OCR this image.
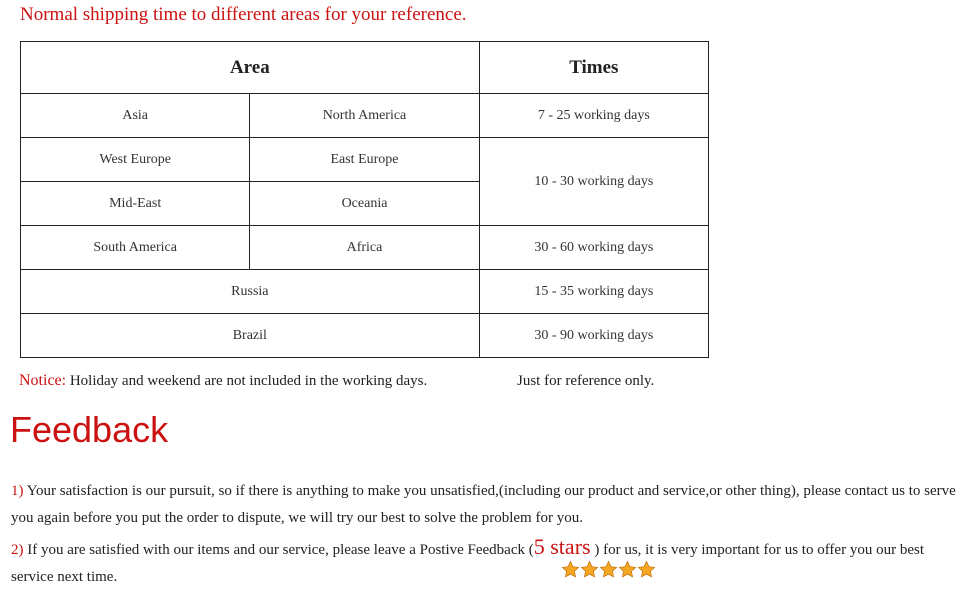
Normal shipping time to different areas for your reference.
Area		Times
Asia	North America	7 - 25 working days
West Europe	East Europe	10 - 30 working days
Mid-East	Oceania	
South America	Africa	30 - 60 working days
Russia		15 - 35 working days
Brazil		30 - 90 working days
Notice: Holiday and weekend are not included in the working days.	Just for reference only.
Feedback

1) Your satisfaction is our pursuit, so if there is anything to make you unsatisfied,(including our product and service,or other thing), please contact us to serve you again before you put the order to dispute, we will try our best to solve the problem for you.

2) If you are satisfied with our items and our service, please leave a Postive Feedback (5 stars ) for us, it is very important for us to offer you our best service next time.
